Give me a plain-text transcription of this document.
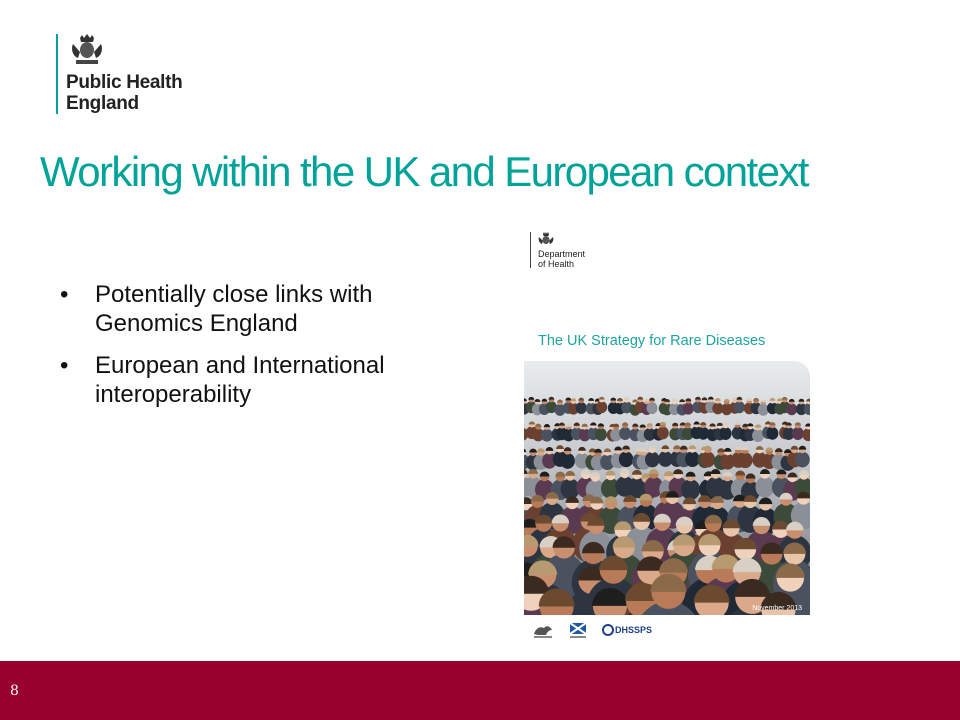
Public Health
England
Working within the UK and European context
• Potentially close links with Genomics England
• European and International interoperability
Department
of Health
The UK Strategy for Rare Diseases
November 2013
DHSSPS
8
